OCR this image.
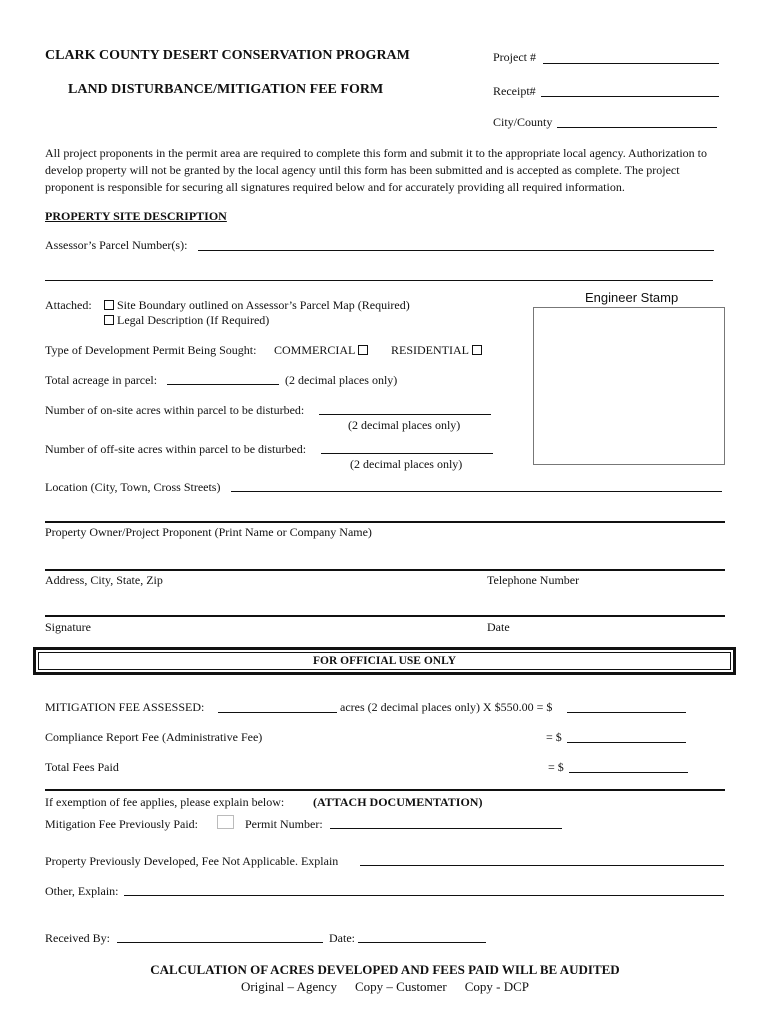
CLARK COUNTY DESERT CONSERVATION PROGRAM
LAND DISTURBANCE/MITIGATION FEE FORM
Project #
Receipt#
City/County
All project proponents in the permit area are required to complete this form and submit it to the appropriate local agency. Authorization to develop property will not be granted by the local agency until this form has been submitted and is accepted as complete. The project proponent is responsible for securing all signatures required below and for accurately providing all required information.
PROPERTY SITE DESCRIPTION
Assessor’s Parcel Number(s):
Attached:	Site Boundary outlined on Assessor’s Parcel Map (Required)
Legal Description (If Required)
Engineer Stamp
Type of Development Permit Being Sought: COMMERCIAL	RESIDENTIAL
Total acreage in parcel:	(2 decimal places only)
Number of on-site acres within parcel to be disturbed:
(2 decimal places only)
Number of off-site acres within parcel to be disturbed:
(2 decimal places only)
Location (City, Town, Cross Streets)
Property Owner/Project Proponent (Print Name or Company Name)
Address, City, State, Zip	Telephone Number
Signature	Date
FOR OFFICIAL USE ONLY
MITIGATION FEE ASSESSED:	acres (2 decimal places only) X $550.00 = $
Compliance Report Fee (Administrative Fee)	= $
Total Fees Paid	= $
If exemption of fee applies, please explain below: (ATTACH DOCUMENTATION)
Mitigation Fee Previously Paid:	Permit Number:
Property Previously Developed, Fee Not Applicable. Explain
Other, Explain:
Received By:	Date:
CALCULATION OF ACRES DEVELOPED AND FEES PAID WILL BE AUDITED
Original – Agency Copy – Customer Copy - DCP
